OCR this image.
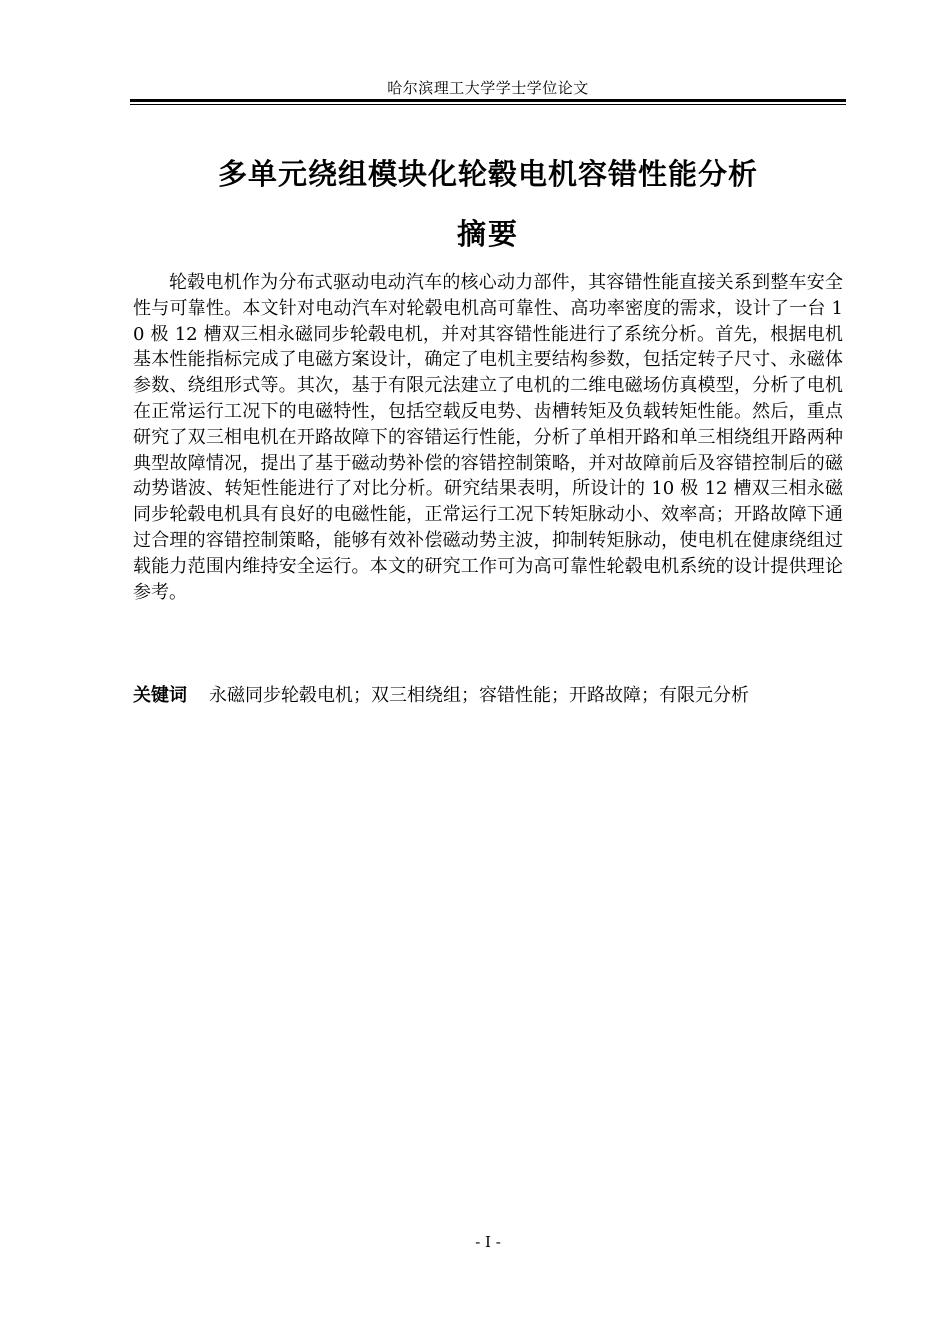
哈尔滨理工大学学士学位论文
多单元绕组模块化轮毂电机容错性能分析
摘要

轮毂电机作为分布式驱动电动汽车的核心动力部件，其容错性能直接关系到整车安全性与可靠性。本文针对电动汽车对轮毂电机高可靠性、高功率密度的需求，设计了一台 10 极 12 槽双三相永磁同步轮毂电机，并对其容错性能进行了系统分析。首先，根据电机基本性能指标完成了电磁方案设计，确定了电机主要结构参数，包括定转子尺寸、永磁体参数、绕组形式等。其次，基于有限元法建立了电机的二维电磁场仿真模型，分析了电机在正常运行工况下的电磁特性，包括空载反电势、齿槽转矩及负载转矩性能。然后，重点研究了双三相电机在开路故障下的容错运行性能，分析了单相开路和单三相绕组开路两种典型故障情况，提出了基于磁动势补偿的容错控制策略，并对故障前后及容错控制后的磁动势谐波、转矩性能进行了对比分析。研究结果表明，所设计的 10 极 12 槽双三相永磁同步轮毂电机具有良好的电磁性能，正常运行工况下转矩脉动小、效率高；开路故障下通过合理的容错控制策略，能够有效补偿磁动势主波，抑制转矩脉动，使电机在健康绕组过载能力范围内维持安全运行。本文的研究工作可为高可靠性轮毂电机系统的设计提供理论参考。

关键词 永磁同步轮毂电机；双三相绕组；容错性能；开路故障；有限元分析

- I -
